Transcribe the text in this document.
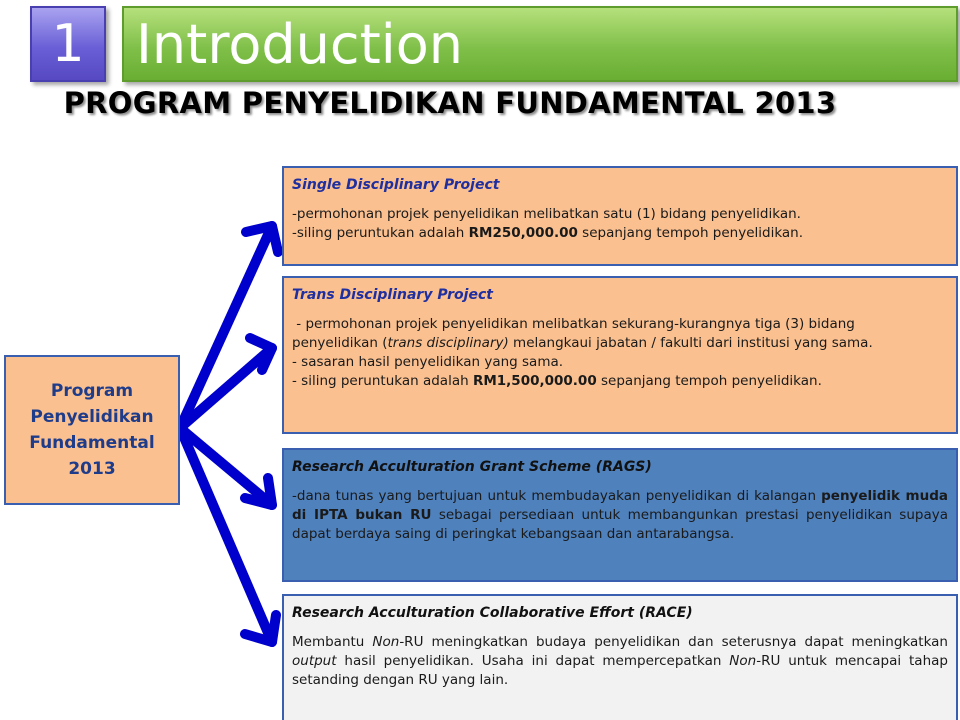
1 Introduction
PROGRAM PENYELIDIKAN FUNDAMENTAL 2013
Program
Penyelidikan
Fundamental
2013
Single Disciplinary Project

-permohonan projek penyelidikan melibatkan satu (1) bidang penyelidikan.

-siling peruntukan adalah RM250,000.00 sepanjang tempoh penyelidikan.

Trans Disciplinary Project

- permohonan projek penyelidikan melibatkan sekurang-kurangnya tiga (3) bidang

penyelidikan (trans disciplinary) melangkaui jabatan / fakulti dari institusi yang sama.

- sasaran hasil penyelidikan yang sama.

- siling peruntukan adalah RM1,500,000.00 sepanjang tempoh penyelidikan.

Research Acculturation Grant Scheme (RAGS)

-dana tunas yang bertujuan untuk membudayakan penyelidikan di kalangan penyelidik muda di IPTA bukan RU sebagai persediaan untuk membangunkan prestasi penyelidikan supaya dapat berdaya saing di peringkat kebangsaan dan antarabangsa.

Research Acculturation Collaborative Effort (RACE)

Membantu Non-RU meningkatkan budaya penyelidikan dan seterusnya dapat meningkatkan output hasil penyelidikan. Usaha ini dapat mempercepatkan Non-RU untuk mencapai tahap setanding dengan RU yang lain.
